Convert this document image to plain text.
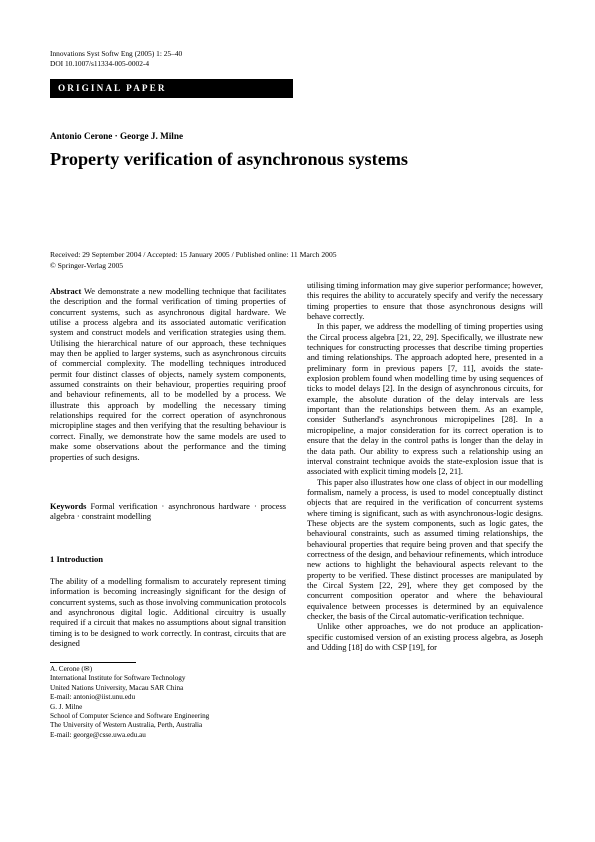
Innovations Syst Softw Eng (2005) 1: 25–40
DOI 10.1007/s11334-005-0002-4
ORIGINAL PAPER
Antonio Cerone · George J. Milne
Property verification of asynchronous systems
Received: 29 September 2004 / Accepted: 15 January 2005 / Published online: 11 March 2005
© Springer-Verlag 2005

Abstract We demonstrate a new modelling technique that facilitates the description and the formal verification of timing properties of concurrent systems, such as asynchronous digital hardware. We utilise a process algebra and its associated automatic verification system and construct models and verification strategies using them. Utilising the hierarchical nature of our approach, these techniques may then be applied to larger systems, such as asynchronous circuits of commercial complexity. The modelling techniques introduced permit four distinct classes of objects, namely system components, assumed constraints on their behaviour, properties requiring proof and behaviour refinements, all to be modelled by a process. We illustrate this approach by modelling the necessary timing relationships required for the correct operation of asynchronous micropipline stages and then verifying that the resulting behaviour is correct. Finally, we demonstrate how the same models are used to make some observations about the performance and the timing properties of such designs.

Keywords Formal verification · asynchronous hardware · process algebra · constraint modelling
1 Introduction
The ability of a modelling formalism to accurately represent timing information is becoming increasingly significant for the design of concurrent systems, such as those involving communication protocols and asynchronous digital logic. Additional circuitry is usually required if a circuit that makes no assumptions about signal transition timing is to be designed to work correctly. In contrast, circuits that are designed
A. Cerone (✉)
International Institute for Software Technology
United Nations University, Macau SAR China
E-mail: antonio@iist.unu.edu
G. J. Milne
School of Computer Science and Software Engineering
The University of Western Australia, Perth, Australia
E-mail: george@csse.uwa.edu.au

utilising timing information may give superior performance; however, this requires the ability to accurately specify and verify the necessary timing properties to ensure that those asynchronous designs will behave correctly.

In this paper, we address the modelling of timing properties using the Circal process algebra [21, 22, 29]. Specifically, we illustrate new techniques for constructing processes that describe timing properties and timing relationships. The approach adopted here, presented in a preliminary form in previous papers [7, 11], avoids the state-explosion problem found when modelling time by using sequences of ticks to model delays [2]. In the design of asynchronous circuits, for example, the absolute duration of the delay intervals are less important than the relationships between them. As an example, consider Sutherland's asynchronous micropipelines [28]. In a micropipeline, a major consideration for its correct operation is to ensure that the delay in the control paths is longer than the delay in the data path. Our ability to express such a relationship using an interval constraint technique avoids the state-explosion issue that is associated with explicit timing models [2, 21].

This paper also illustrates how one class of object in our modelling formalism, namely a process, is used to model conceptually distinct objects that are required in the verification of concurrent systems where timing is significant, such as with asynchronous-logic designs. These objects are the system components, such as logic gates, the behavioural constraints, such as assumed timing relationships, the behavioural properties that require being proven and that specify the correctness of the design, and behaviour refinements, which introduce new actions to highlight the behavioural aspects relevant to the property to be verified. These distinct processes are manipulated by the Circal System [22, 29], where they get composed by the concurrent composition operator and where the behavioural equivalence between processes is determined by an equivalence checker, the basis of the Circal automatic-verification technique.

Unlike other approaches, we do not produce an application-specific customised version of an existing process algebra, as Joseph and Udding [18] do with CSP [19], for
